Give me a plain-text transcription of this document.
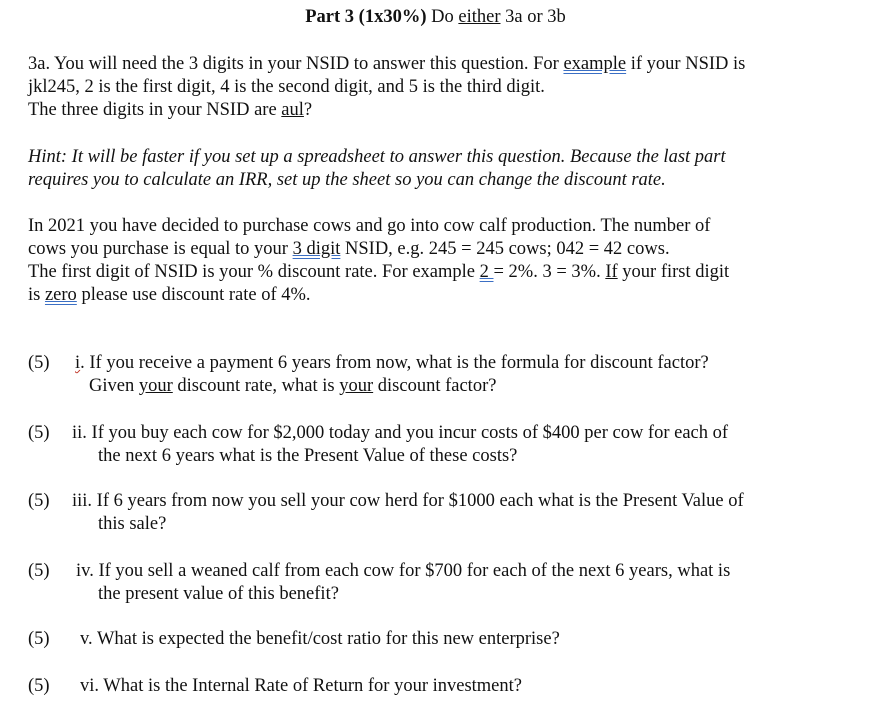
Part 3 (1x30%) Do either 3a or 3b
3a. You will need the 3 digits in your NSID to answer this question. For example if your NSID is
jkl245, 2 is the first digit, 4 is the second digit, and 5 is the third digit.
The three digits in your NSID are aul?
Hint: It will be faster if you set up a spreadsheet to answer this question. Because the last part
requires you to calculate an IRR, set up the sheet so you can change the discount rate.
In 2021 you have decided to purchase cows and go into cow calf production. The number of
cows you purchase is equal to your 3 digit NSID, e.g. 245 = 245 cows; 042 = 42 cows.
The first digit of NSID is your % discount rate. For example 2 = 2%. 3 = 3%. If your first digit
is zero please use discount rate of 4%.
(5) i. If you receive a payment 6 years from now, what is the formula for discount factor?
Given your discount rate, what is your discount factor?
(5) ii. If you buy each cow for $2,000 today and you incur costs of $400 per cow for each of
the next 6 years what is the Present Value of these costs?
(5) iii. If 6 years from now you sell your cow herd for $1000 each what is the Present Value of
this sale?
(5) iv. If you sell a weaned calf from each cow for $700 for each of the next 6 years, what is
the present value of this benefit?
(5) v. What is expected the benefit/cost ratio for this new enterprise?
(5) vi. What is the Internal Rate of Return for your investment?
